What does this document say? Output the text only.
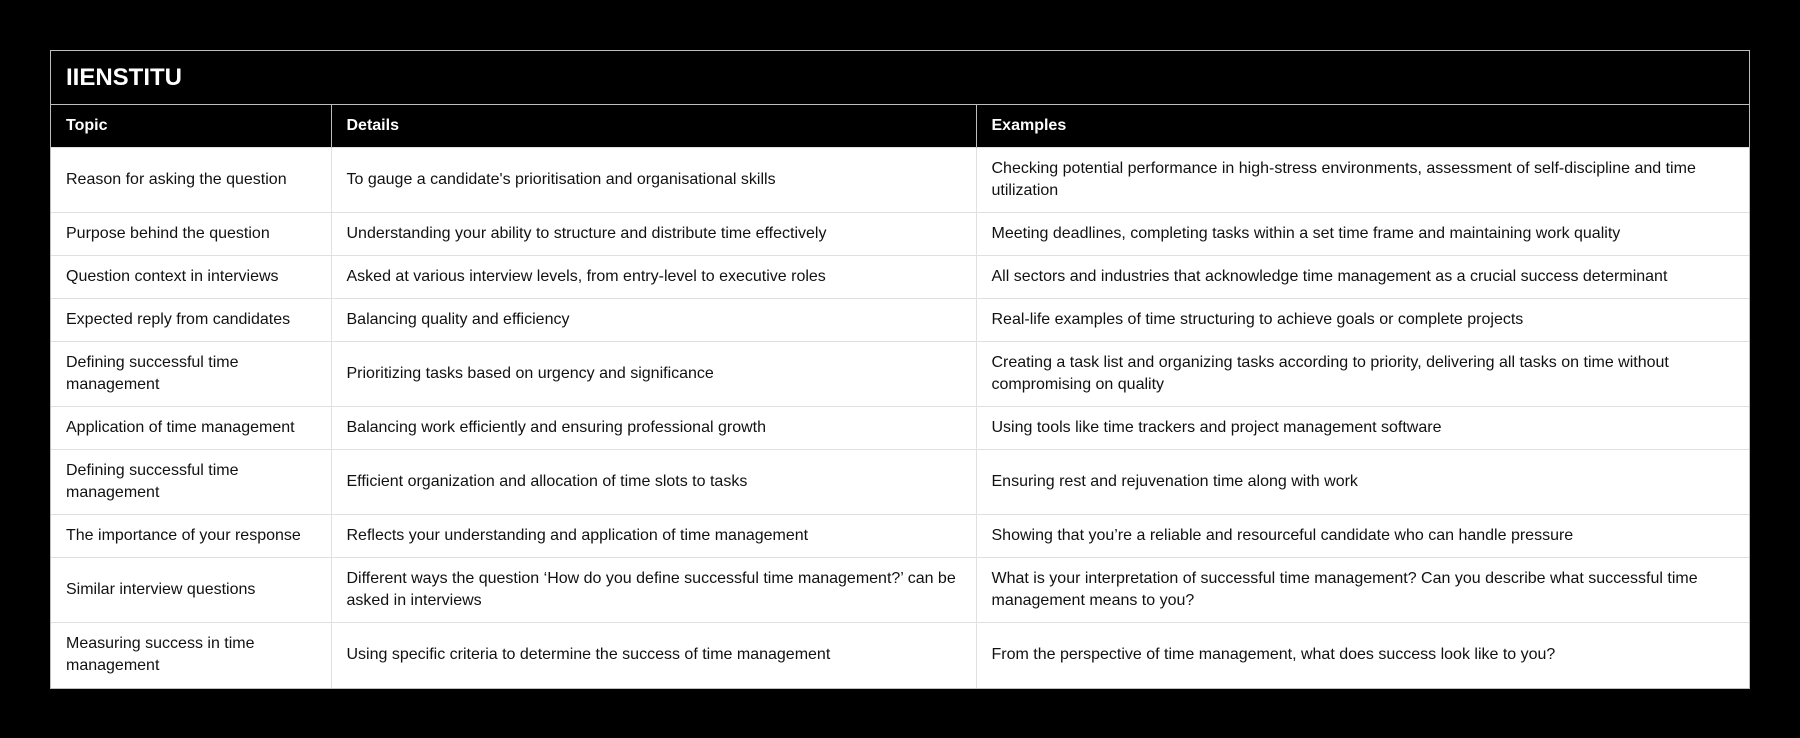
IIENSTITU
Topic	Details	Examples
Reason for asking the question	To gauge a candidate's prioritisation and organisational skills	Checking potential performance in high-stress environments, assessment of self-discipline and time utilization
Purpose behind the question	Understanding your ability to structure and distribute time effectively	Meeting deadlines, completing tasks within a set time frame and maintaining work quality
Question context in interviews	Asked at various interview levels, from entry-level to executive roles	All sectors and industries that acknowledge time management as a crucial success determinant
Expected reply from candidates	Balancing quality and efficiency	Real-life examples of time structuring to achieve goals or complete projects
Defining successful time management	Prioritizing tasks based on urgency and significance	Creating a task list and organizing tasks according to priority, delivering all tasks on time without compromising on quality
Application of time management	Balancing work efficiently and ensuring professional growth	Using tools like time trackers and project management software
Defining successful time management	Efficient organization and allocation of time slots to tasks	Ensuring rest and rejuvenation time along with work
The importance of your response	Reflects your understanding and application of time management	Showing that you’re a reliable and resourceful candidate who can handle pressure
Similar interview questions	Different ways the question ‘How do you define successful time management?’ can be asked in interviews	What is your interpretation of successful time management? Can you describe what successful time management means to you?
Measuring success in time management	Using specific criteria to determine the success of time management	From the perspective of time management, what does success look like to you?
